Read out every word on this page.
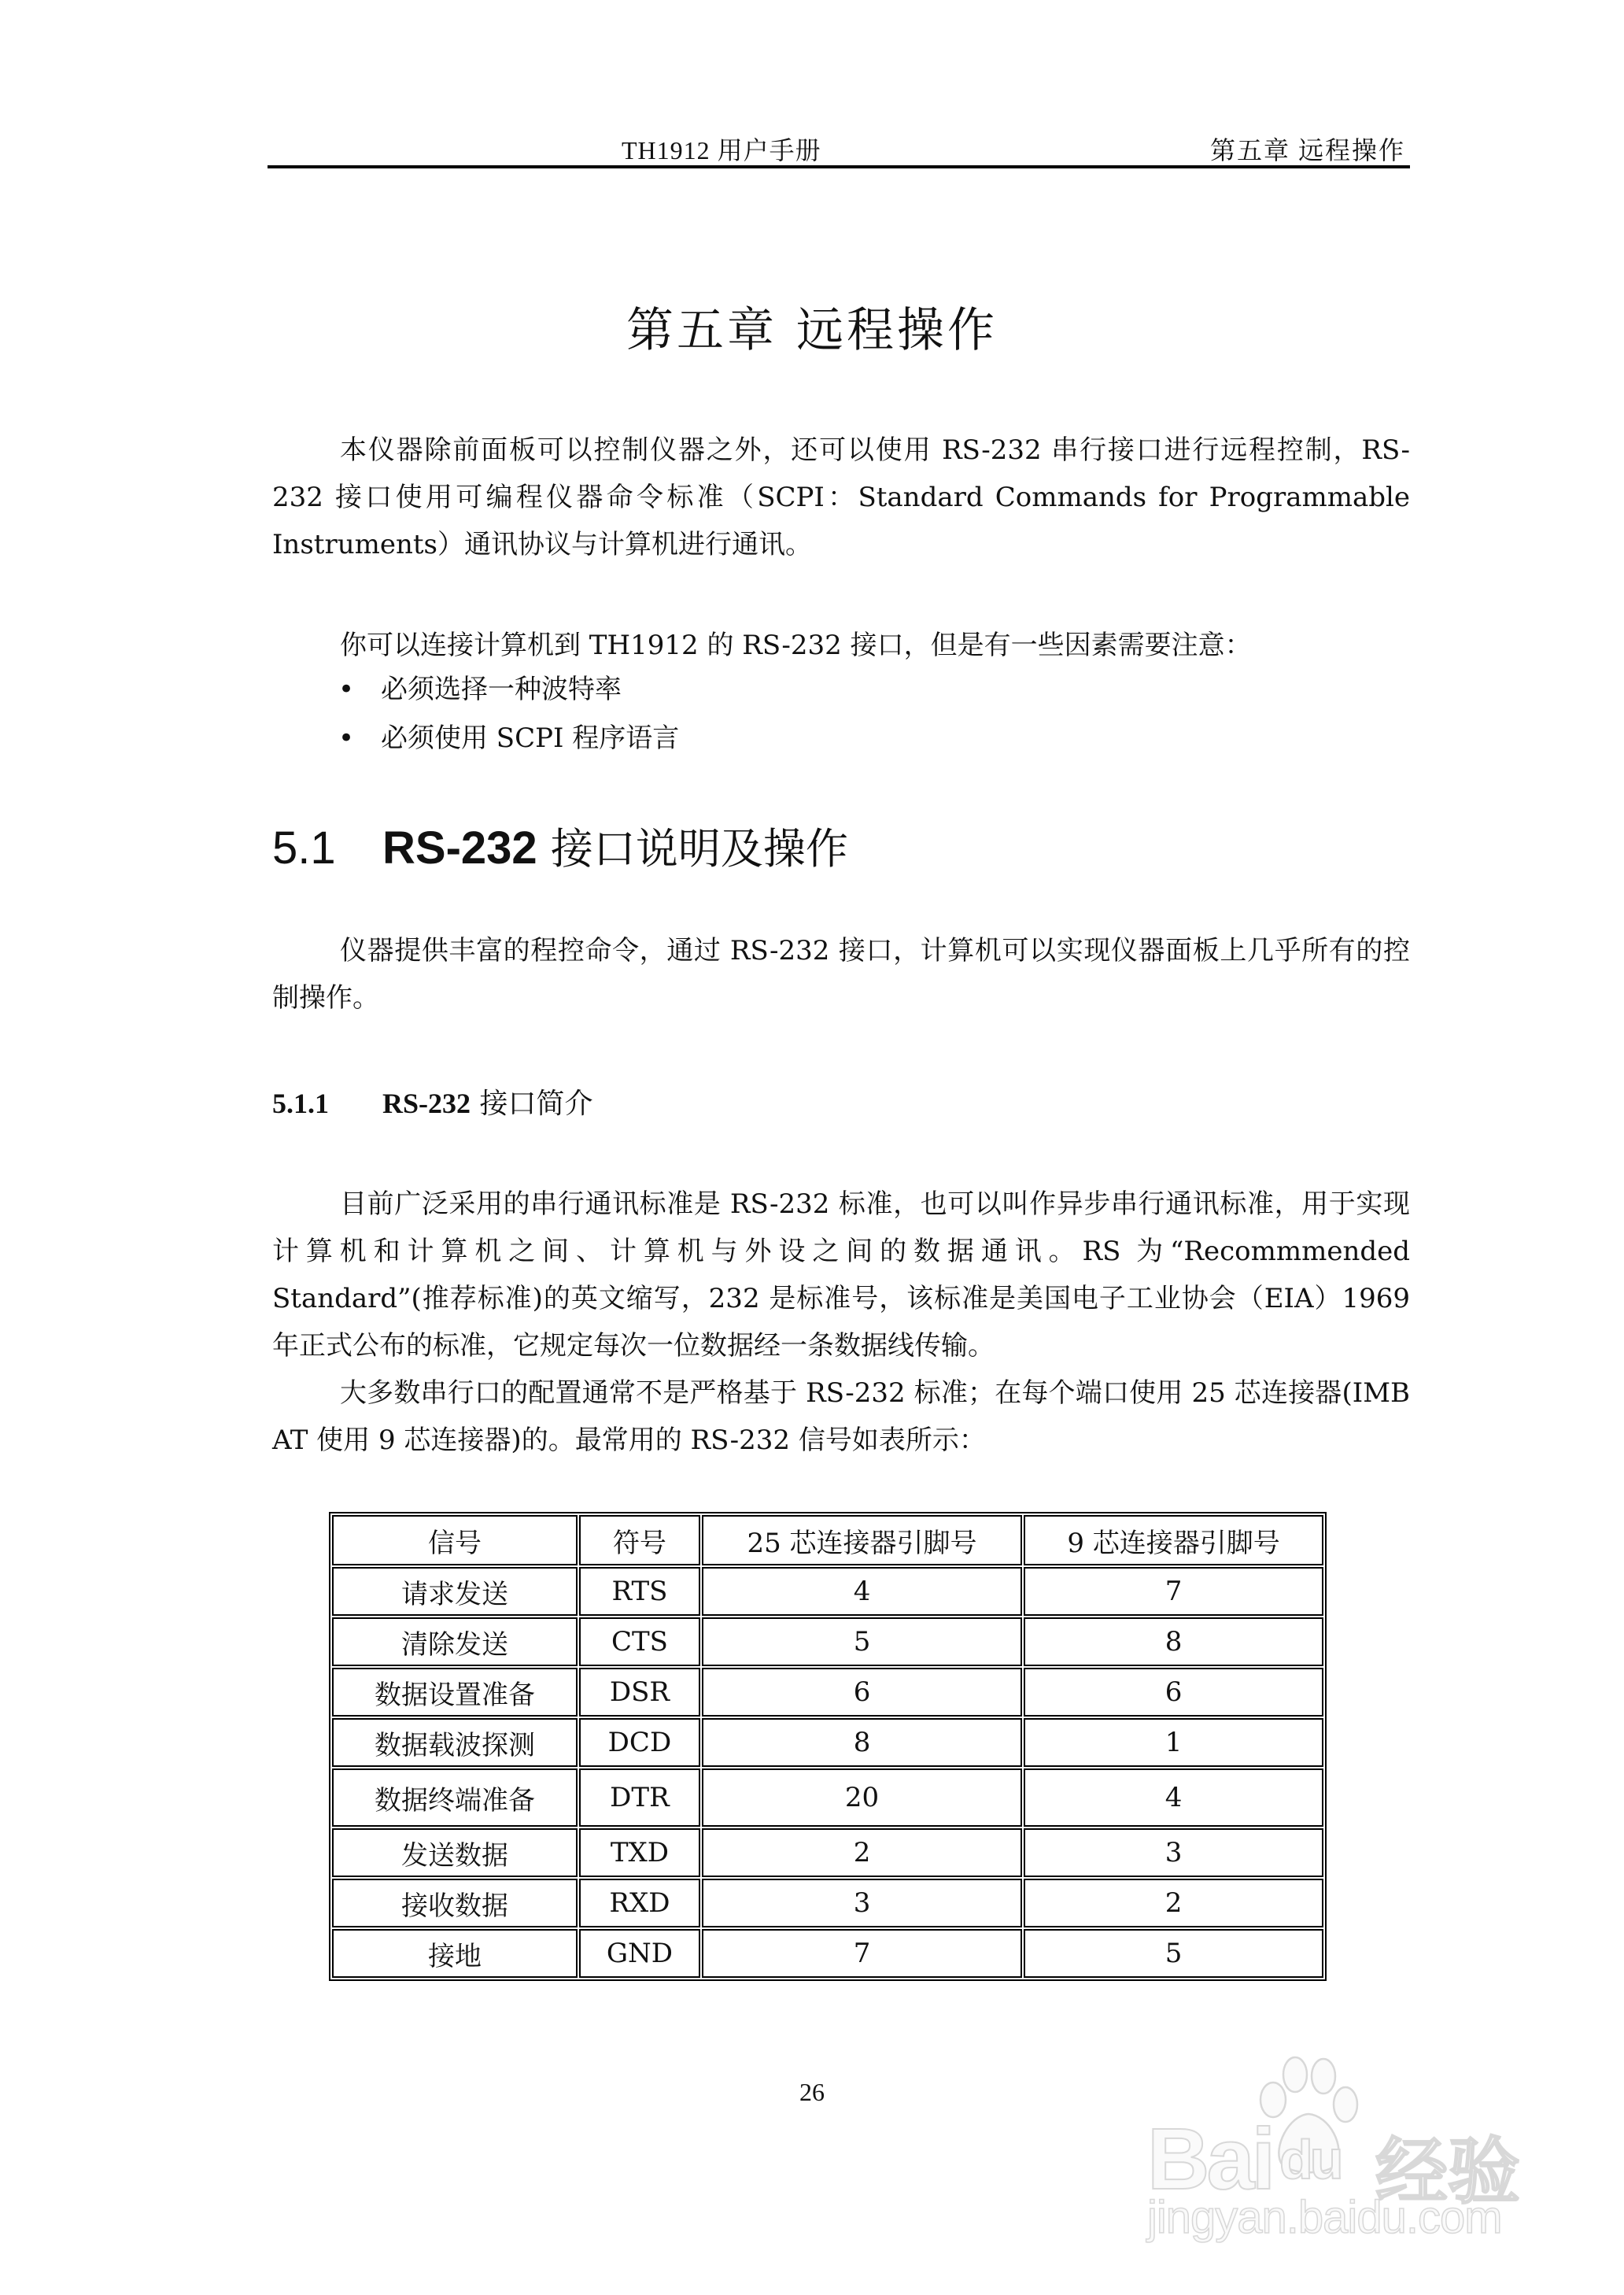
TH1912 用户手册	第五章 远程操作
第五章 远程操作

本仪器除前面板可以控制仪器之外，还可以使用 RS-232 串行接口进行远程控制，RS-232 接口使用可编程仪器命令标准（SCPI：Standard Commands for Programmable Instruments）通讯协议与计算机进行通讯。

你可以连接计算机到 TH1912 的 RS-232 接口，但是有一些因素需要注意：

• 必须选择一种波特率
• 必须使用 SCPI 程序语言
5.1 RS-232 接口说明及操作

仪器提供丰富的程控命令，通过 RS-232 接口，计算机可以实现仪器面板上几乎所有的控制操作。

5.1.1 RS-232 接口简介

目前广泛采用的串行通讯标准是 RS-232 标准，也可以叫作异步串行通讯标准，用于实现计算机和计算机之间、计算机与外设之间的数据通讯。RS 为“Recommmended Standard”(推荐标准)的英文缩写，232 是标准号，该标准是美国电子工业协会（EIA）1969 年正式公布的标准，它规定每次一位数据经一条数据线传输。

大多数串行口的配置通常不是严格基于 RS-232 标准；在每个端口使用 25 芯连接器(IMB AT 使用 9 芯连接器)的。最常用的 RS-232 信号如表所示：

信号	符号	25 芯连接器引脚号	9 芯连接器引脚号
请求发送	RTS	4	7
清除发送	CTS	5	8
数据设置准备	DSR	6	6
数据载波探测	DCD	8	1
数据终端准备	DTR	20	4
发送数据	TXD	2	3
接收数据	RXD	3	2
接地	GND	7	5
26
Bai du 经验
jingyan.baidu.com
